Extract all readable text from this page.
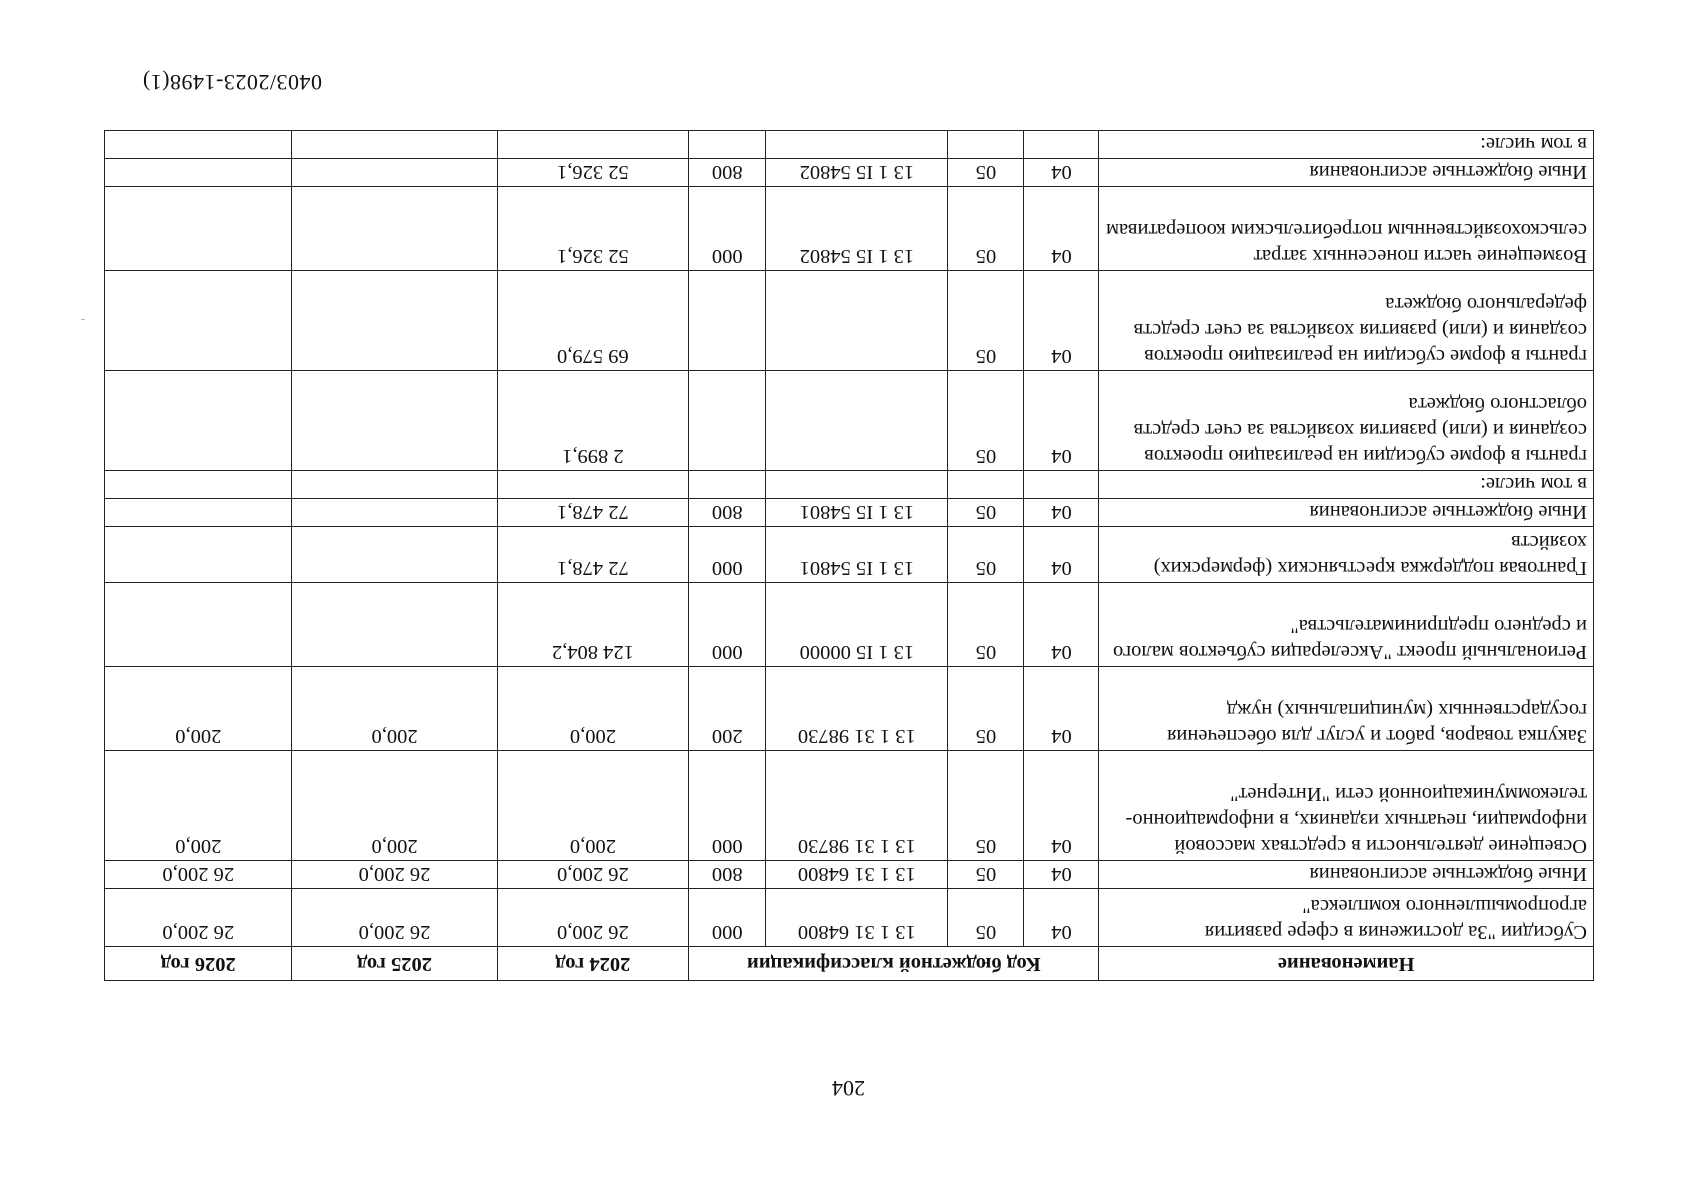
204
0403/2023-1498(1)
Наименование	Код бюджетной классификации				2024 год	2025 год	2026 год
Субсидии "За достижения в сфере развития агропромышленного комплекса"	04	05	13 1 31 64800	000	26 200,0	26 200,0	26 200,0
Иные бюджетные ассигнования	04	05	13 1 31 64800	800	26 200,0	26 200,0	26 200,0
Освещение деятельности в средствах массовой информации, печатных изданиях, в информационно-телекоммуникационной сети "Интернет"	04	05	13 1 31 98730	000	200,0	200,0	200,0
Закупка товаров, работ и услуг для обеспечения государственных (муниципальных) нужд	04	05	13 1 31 98730	200	200,0	200,0	200,0
Региональный проект "Акселерация субъектов малого и среднего предпринимательства"	04	05	13 1 I5 00000	000	124 804,2		
Грантовая поддержка крестьянских (фермерских) хозяйств	04	05	13 1 I5 54801	000	72 478,1		
Иные бюджетные ассигнования	04	05	13 1 I5 54801	800	72 478,1		
в том числе:							
гранты в форме субсидии на реализацию проектов создания и (или) развития хозяйства за счет средств областного бюджета	04	05			2 899,1		
гранты в форме субсидии на реализацию проектов создания и (или) развития хозяйства за счет средств федерального бюджета	04	05			69 579,0		
Возмещение части понесенных затрат сельскохозяйственным потребительским кооперативам	04	05	13 1 I5 54802	000	52 326,1		
Иные бюджетные ассигнования	04	05	13 1 I5 54802	800	52 326,1		
в том числе:							
